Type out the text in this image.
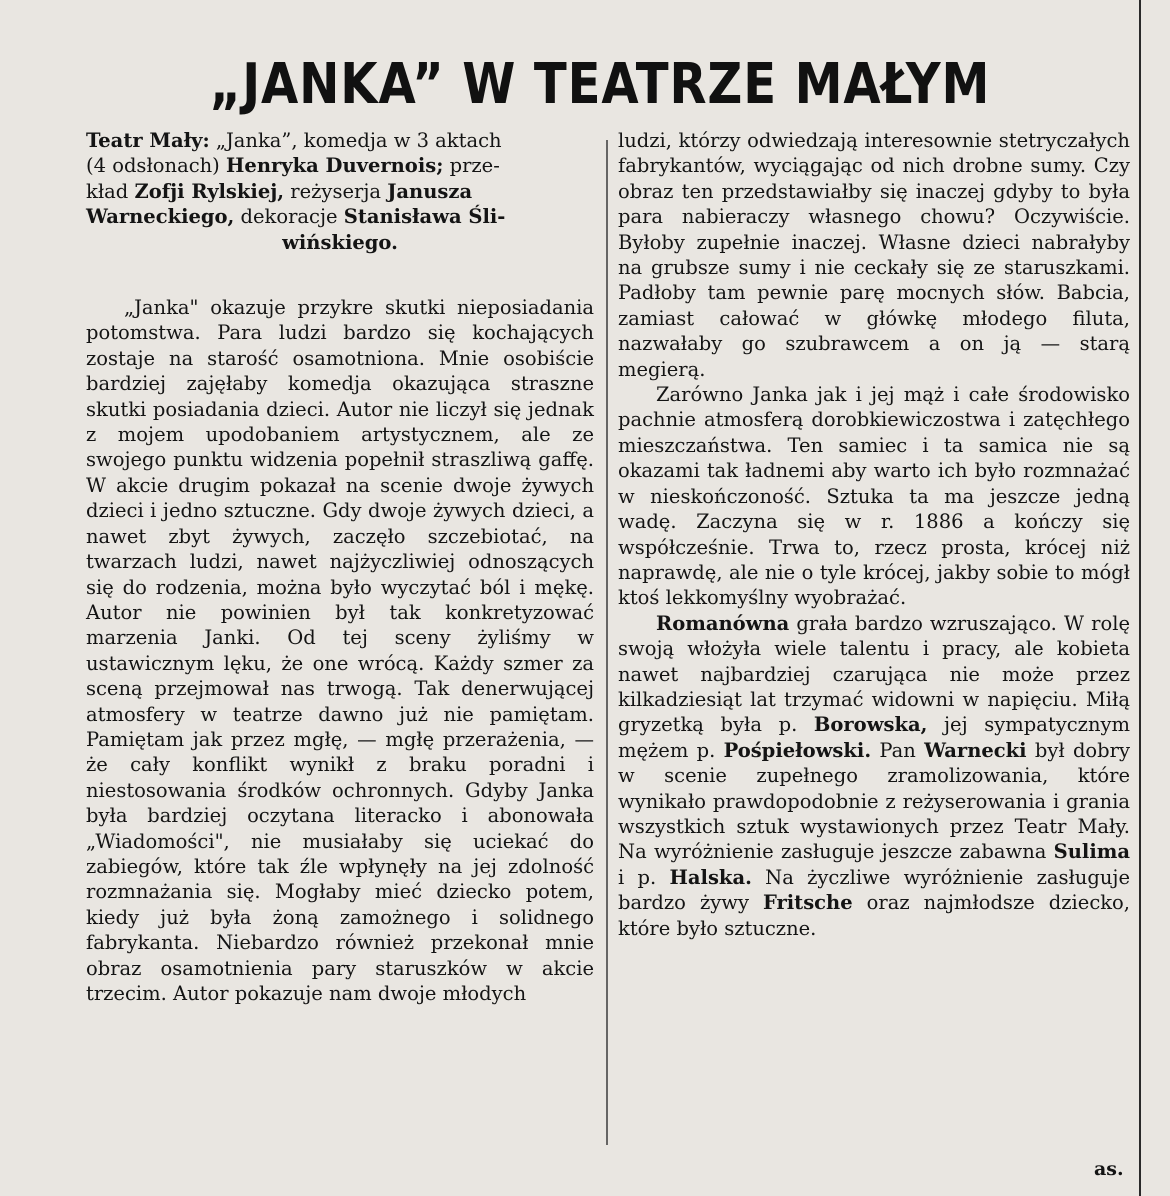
„JANKA” W TEATRZE MAŁYM

Teatr Mały: „Janka”, komedja w 3 aktach
(4 odsłonach) Henryka Duvernois; prze-
kład Zofji Rylskiej, reżyserja Janusza
Warneckiego, dekoracje Stanisława Śli-

wińskiego.

„Janka" okazuje przykre skutki nieposiadania potomstwa. Para ludzi bardzo się kochających zostaje na starość osamotniona. Mnie osobiście bardziej zajęłaby komedja okazująca straszne skutki posiadania dzieci. Autor nie liczył się jednak z mojem upodobaniem artystycznem, ale ze swojego punktu widzenia popełnił straszliwą gaffę. W akcie drugim pokazał na scenie dwoje żywych dzieci i jedno sztuczne. Gdy dwoje żywych dzieci, a nawet zbyt żywych, zaczęło szczebiotać, na twarzach ludzi, nawet najżyczliwiej odnoszących się do rodzenia, można było wyczytać ból i mękę. Autor nie powinien był tak konkretyzować marzenia Janki. Od tej sceny żyliśmy w ustawicznym lęku, że one wrócą. Każdy szmer za sceną przejmował nas trwogą. Tak denerwującej atmosfery w teatrze dawno już nie pamiętam. Pamiętam jak przez mgłę, — mgłę przerażenia, — że cały konflikt wynikł z braku poradni i niestosowania środków ochronnych. Gdyby Janka była bardziej oczytana literacko i abonowała „Wiadomości", nie musiałaby się uciekać do zabiegów, które tak źle wpłynęły na jej zdolność rozmnażania się. Mogłaby mieć dziecko potem, kiedy już była żoną zamożnego i solidnego fabrykanta. Niebardzo również przekonał mnie obraz osamotnienia pary staruszków w akcie trzecim. Autor pokazuje nam dwoje młodych

ludzi, którzy odwiedzają interesownie stetryczałych fabrykantów, wyciągając od nich drobne sumy. Czy obraz ten przedstawiałby się inaczej gdyby to była para nabieraczy własnego chowu? Oczywiście. Byłoby zupełnie inaczej. Własne dzieci nabrałyby na grubsze sumy i nie ceckały się ze staruszkami. Padłoby tam pewnie parę mocnych słów. Babcia, zamiast całować w główkę młodego filuta, nazwałaby go szubrawcem a on ją — starą megierą.

Zarówno Janka jak i jej mąż i całe środowisko pachnie atmosferą dorobkiewiczostwa i zatęchłego mieszczaństwa. Ten samiec i ta samica nie są okazami tak ładnemi aby warto ich było rozmnażać w nieskończoność. Sztuka ta ma jeszcze jedną wadę. Zaczyna się w r. 1886 a kończy się współcześnie. Trwa to, rzecz prosta, krócej niż naprawdę, ale nie o tyle krócej, jakby sobie to mógł ktoś lekkomyślny wyobrażać.

Romanówna grała bardzo wzruszająco. W rolę swoją włożyła wiele talentu i pracy, ale kobieta nawet najbardziej czarująca nie może przez kilkadziesiąt lat trzymać widowni w napięciu. Miłą gryzetką była p. Borowska, jej sympatycznym mężem p. Pośpiełowski. Pan Warnecki był dobry w scenie zupełnego zramolizowania, które wynikało prawdopodobnie z reżyserowania i grania wszystkich sztuk wystawionych przez Teatr Mały. Na wyróżnienie zasługuje jeszcze zabawna Sulima i p. Halska. Na życzliwe wyróżnienie zasługuje bardzo żywy Fritsche oraz najmłodsze dziecko, które było sztuczne.

as.
